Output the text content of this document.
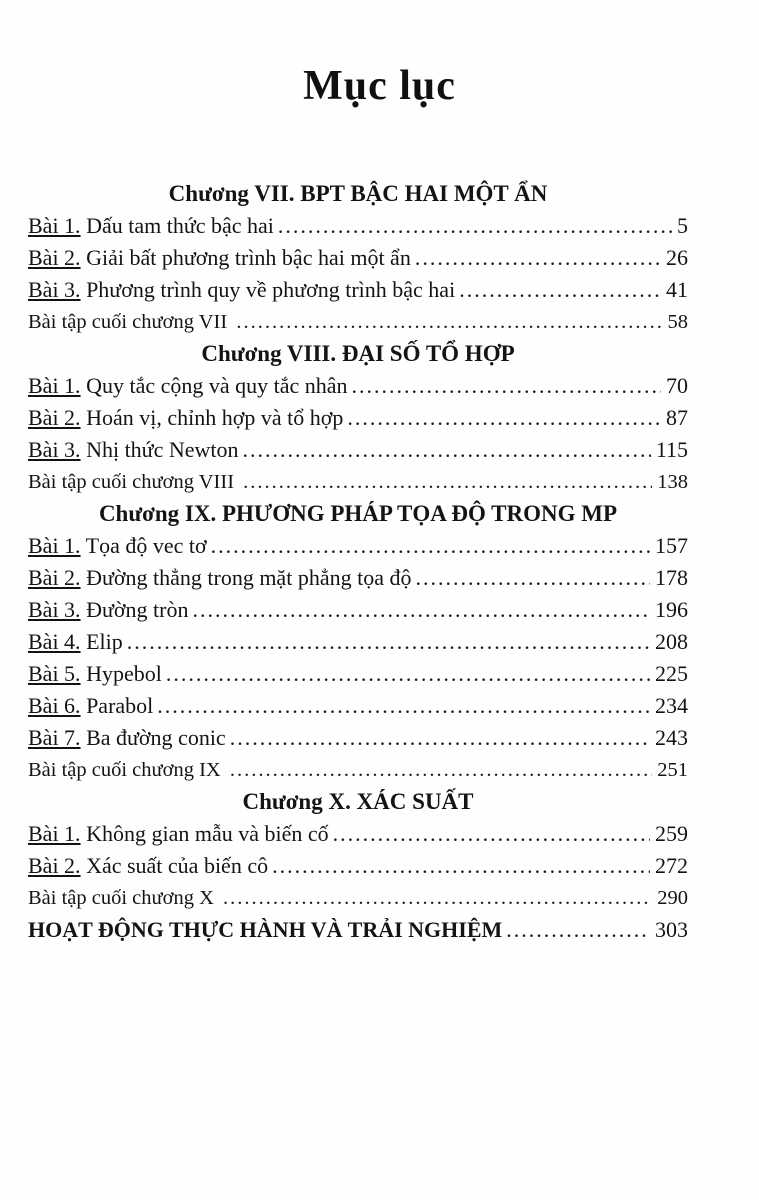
Mục lục
Chương VII. BPT BẬC HAI MỘT ẨN
Bài 1. Dấu tam thức bậc hai .....	5
Bài 2. Giải bất phương trình bậc hai một ẩn .....	26
Bài 3. Phương trình quy về phương trình bậc hai .....	41
Bài tập cuối chương VII .....	58
Chương VIII. ĐẠI SỐ TỔ HỢP
Bài 1. Quy tắc cộng và quy tắc nhân .....	70
Bài 2. Hoán vị, chỉnh hợp và tổ hợp .....	87
Bài 3. Nhị thức Newton .....	115
Bài tập cuối chương VIII .....	138
Chương IX. PHƯƠNG PHÁP TỌA ĐỘ TRONG MP
Bài 1. Tọa độ vec tơ .....	157
Bài 2. Đường thẳng trong mặt phẳng tọa độ .....	178
Bài 3. Đường tròn .....	196
Bài 4. Elip .....	208
Bài 5. Hypebol .....	225
Bài 6. Parabol .....	234
Bài 7. Ba đường conic .....	243
Bài tập cuối chương IX .....	251
Chương X. XÁC SUẤT
Bài 1. Không gian mẫu và biến cố .....	259
Bài 2. Xác suất của biến cô .....	272
Bài tập cuối chương X .....	290
HOẠT ĐỘNG THỰC HÀNH VÀ TRẢI NGHIỆM .....	303
